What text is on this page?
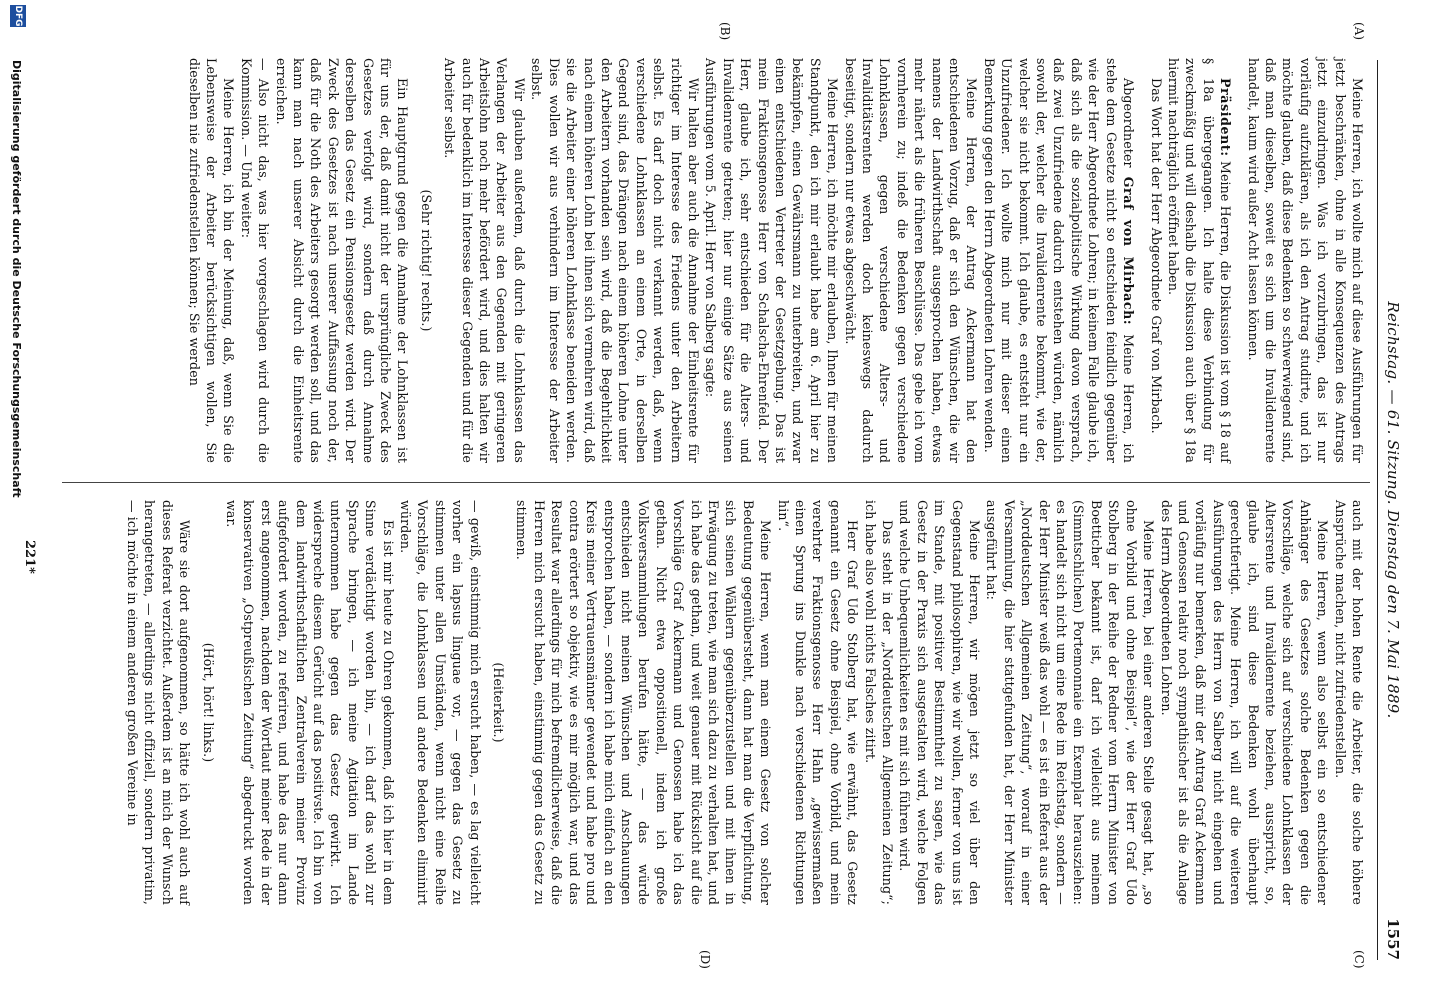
Reichstag. — 61. Sitzung. Dienstag den 7. Mai 1889.
1557
(A)
(B)
(C)
(D)

Meine Herren, ich wollte mich auf diese Ausführungen für jetzt beschränken, ohne in alle Konsequenzen des Antrags jetzt einzudringen. Was ich vorzubringen, das ist nur vorläufig aufzuklären, als ich den Antrag studirte, und ich möchte glauben, daß diese Bedenken so schwerwiegend sind, daß man dieselben, soweit es sich um die Invalidenrente handelt, kaum wird außer Acht lassen können.

Präsident: Meine Herren, die Diskussion ist vom § 18 auf § 18a übergegangen. Ich halte diese Verbindung für zweckmäßig und will deshalb die Diskussion auch über § 18a hiermit nachträglich eröffnet haben.

Das Wort hat der Herr Abgeordnete Graf von Mirbach.

Abgeordneter Graf von Mirbach: Meine Herren, ich stehe dem Gesetze nicht so entschieden feindlich gegenüber wie der Herr Abgeordnete Lohren; in keinem Falle glaube ich, daß sich als die sozialpolitische Wirkung davon versprach, daß zwei Unzufriedene dadurch entstehen würden, nämlich sowohl der, welcher die Invalidenrente bekommt, wie der, welcher sie nicht bekommt. Ich glaube, es entsteht nur ein Unzufriedener. Ich wollte mich nur mit dieser einen Bemerkung gegen den Herrn Abgeordneten Lohren wenden.

Meine Herren, der Antrag Ackermann hat den entschiedenen Vorzug, daß er sich den Wünschen, die wir namens der Landwirthschaft ausgesprochen haben, etwas mehr nähert als die früheren Beschlüsse. Das gebe ich vom vornherein zu; indeß die Bedenken gegen verschiedene Lohnklassen, gegen verschiedene Alters- und Invaliditätsrenten werden doch keineswegs dadurch beseitigt, sondern nur etwas abgeschwächt.

Meine Herren, ich möchte mir erlauben, Ihnen für meinen Standpunkt, den ich mir erlaubt habe am 6. April hier zu bekämpfen, einen Gewährsmann zu unterbreiten, und zwar einen entschiedenen Vertreter der Gesetzgebung. Das ist mein Fraktionsgenosse Herr von Schalscha-Ehrenfeld. Der Herr, glaube ich, sehr entschieden für die Alters- und Invalidenrente getreten; hier nur einige Sätze aus seinen Ausführungen vom 5. April. Herr von Salberg sagte:

Wir halten aber auch die Annahme der Einheitsrente für richtiger im Interesse des Friedens unter den Arbeitern selbst. Es darf doch nicht verkannt werden, daß, wenn verschiedene Lohnklassen an einem Orte, in derselben Gegend sind, das Drängen nach einem höheren Lohne unter den Arbeitern vorhanden sein wird, daß die Begehrlichkeit nach einem höheren Lohn bei ihnen sich vermehren wird, daß sie die Arbeiter einer höheren Lohnklasse beneiden werden. Dies wollen wir aus verhindern im Interesse der Arbeiter selbst.

Wir glauben außerdem, daß durch die Lohnklassen das Verlangen der Arbeiter aus den Gegenden mit geringeren Arbeitslohn noch mehr befördert wird, und dies halten wir auch für bedenklich im Interesse dieser Gegenden und für die Arbeiter selbst.

(Sehr richtig! rechts.)

Ein Hauptgrund gegen die Annahme der Lohnklassen ist für uns der, daß damit nicht der ursprüngliche Zweck des Gesetzes verfolgt wird, sondern daß durch Annahme derselben das Gesetz ein Pensionsgesetz werden wird. Der Zweck des Gesetzes ist nach unserer Auffassung noch der, daß für die Noth des Arbeiters gesorgt werden soll, und das kann man nach unserer Absicht durch die Einheitsrente erreichen.

— Also nicht das, was hier vorgeschlagen wird durch die Kommission. — Und weiter:

Meine Herren, ich bin der Meinung, daß, wenn Sie die Lebensweise der Arbeiter berücksichtigen wollen, Sie dieselben nie zufriedenstellen können; Sie werden

auch mit der hohen Rente die Arbeiter, die solche höhere Ansprüche machen, nicht zufriedenstellen.

Meine Herren, wenn also selbst ein so entschiedener Anhänger des Gesetzes solche Bedenken gegen die Vorschläge, welche sich auf verschiedene Lohnklassen der Altersrente und Invalidenrente beziehen, ausspricht, so, glaube ich, sind diese Bedenken wohl überhaupt gerechtfertigt. Meine Herren, ich will auf die weiteren Ausführungen des Herrn von Salberg nicht eingehen und vorläufig nur bemerken, daß mir der Antrag Graf Ackermann und Genossen relativ noch sympathischer ist als die Anlage des Herrn Abgeordneten Lohren.

Meine Herren, bei einer anderen Stelle gesagt hat, „so ohne Vorbild und ohne Beispiel“, wie der Herr Graf Udo Stolberg in der Reihe der Redner vom Herrn Minister von Boetticher bekannt ist, darf ich vielleicht aus meinem (Simmtschlichen) Portemonnaie ein Exemplar herausziehen: es handelt sich nicht um eine Rede im Reichstag, sondern — der Herr Minister weiß das wohl — es ist ein Referat aus der „Norddeutschen Allgemeinen Zeitung“, worauf in einer Versammlung, die hier stattgefunden hat, der Herr Minister ausgeführt hat:

Meine Herren, wir mögen jetzt so viel über den Gegenstand philosophiren, wie wir wollen, ferner von uns ist im Stande, mit positiver Bestimmtheit zu sagen, wie das Gesetz in der Praxis sich ausgestalten wird, welche Folgen und welche Unbequemlichkeiten es mit sich führen wird.

Das steht in der „Norddeutschen Allgemeinen Zeitung“; ich habe also wohl nichts Falsches zitirt.

Herr Graf Udo Stolberg hat, wie erwähnt, das Gesetz genannt ein Gesetz ohne Beispiel, ohne Vorbild, und mein verehrter Fraktionsgenosse Herr Hahn „gewissermaßen einen Sprung ins Dunkle nach verschiedenen Richtungen hin“.

Meine Herren, wenn man einem Gesetz von solcher Bedeutung gegenübersteht, dann hat man die Verpflichtung, sich seinen Wählern gegenüberzustellen und mit ihnen in Erwägung zu treten, wie man sich dazu zu verhalten hat, und ich habe das gethan, und weit genauer mit Rücksicht auf die Vorschläge Graf Ackermann und Genossen habe ich das gethan. Nicht etwa oppositionell, indem ich große Volksversammlungen berufen hätte, — das würde entschieden nicht meinen Wünschen und Anschauungen entsprochen haben, — sondern ich habe mich einfach an den Kreis meiner Vertrauensmänner gewendet und habe pro und contra erörtert so objektiv, wie es mir möglich war, und das Resultat war allerdings für mich befremdlicherweise, daß die Herren mich ersucht haben, einstimmig gegen das Gesetz zu stimmen.

(Heiterkeit.)

— gewiß, einstimmig mich ersucht haben, — es lag vielleicht vorher ein lapsus linguae vor, — gegen das Gesetz zu stimmen unter allen Umständen, wenn nicht eine Reihe Vorschläge, die Lohnklassen und andere Bedenken eliminirt würden.

Es ist mir heute zu Ohren gekommen, daß ich hier in dem Sinne verdächtigt worden bin, — ich darf das wohl zur Sprache bringen, — ich meine Agitation im Lande unternommen habe gegen das Gesetz gewirkt. Ich widerspreche diesem Gerücht auf das positivste. Ich bin von dem landwirthschaftlichen Zentralverein meiner Provinz aufgefordert worden, zu referiren, und habe das nur dann erst angenommen, nachdem der Wortlaut meiner Rede in der konservativen „Ostpreußischen Zeitung“ abgedruckt worden war.

(Hört, hört! links.)

Wäre sie dort aufgenommen, so hätte ich wohl auch auf dieses Referat verzichtet. Außerdem ist an mich der Wunsch herangetreten, — allerdings nicht offiziell, sondern privatim, — ich möchte in einem anderen großen Vereine in

221*
DFG
Digitalisierung gefördert durch die Deutsche Forschungsgemeinschaft
